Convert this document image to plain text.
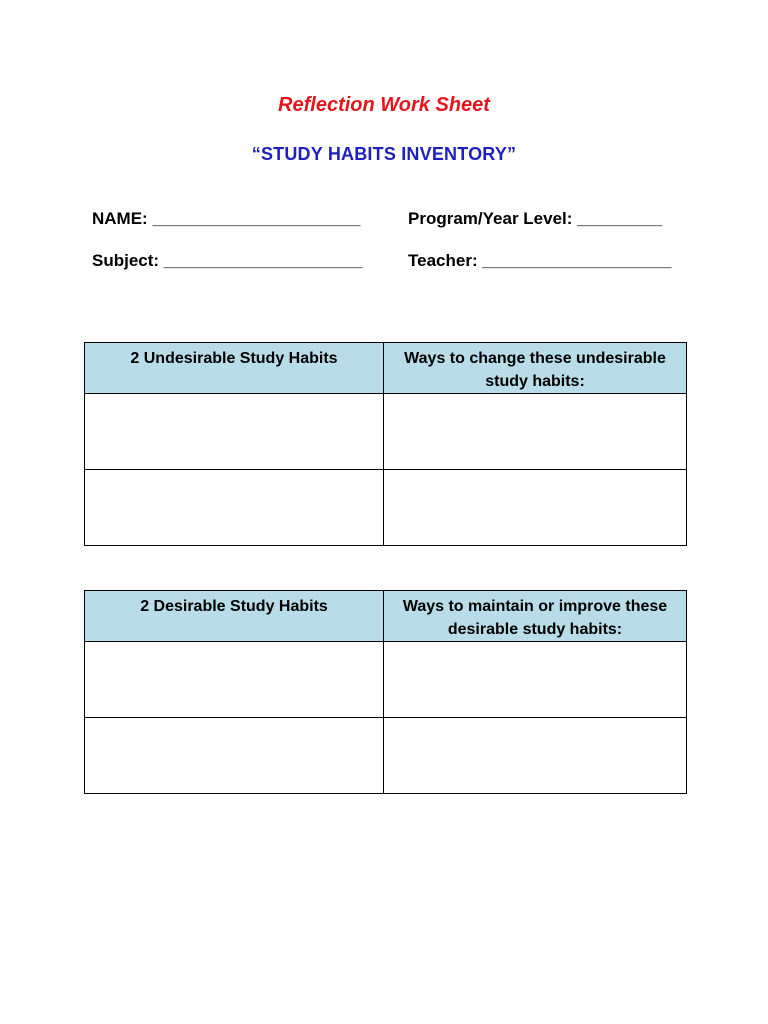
Reflection Work Sheet
“STUDY HABITS INVENTORY”
NAME: ______________________	Program/Year Level: _________
Subject: _____________________	Teacher: ____________________
2 Undesirable Study Habits	Ways to change these undesirable study habits:

2 Desirable Study Habits	Ways to maintain or improve these desirable study habits:
